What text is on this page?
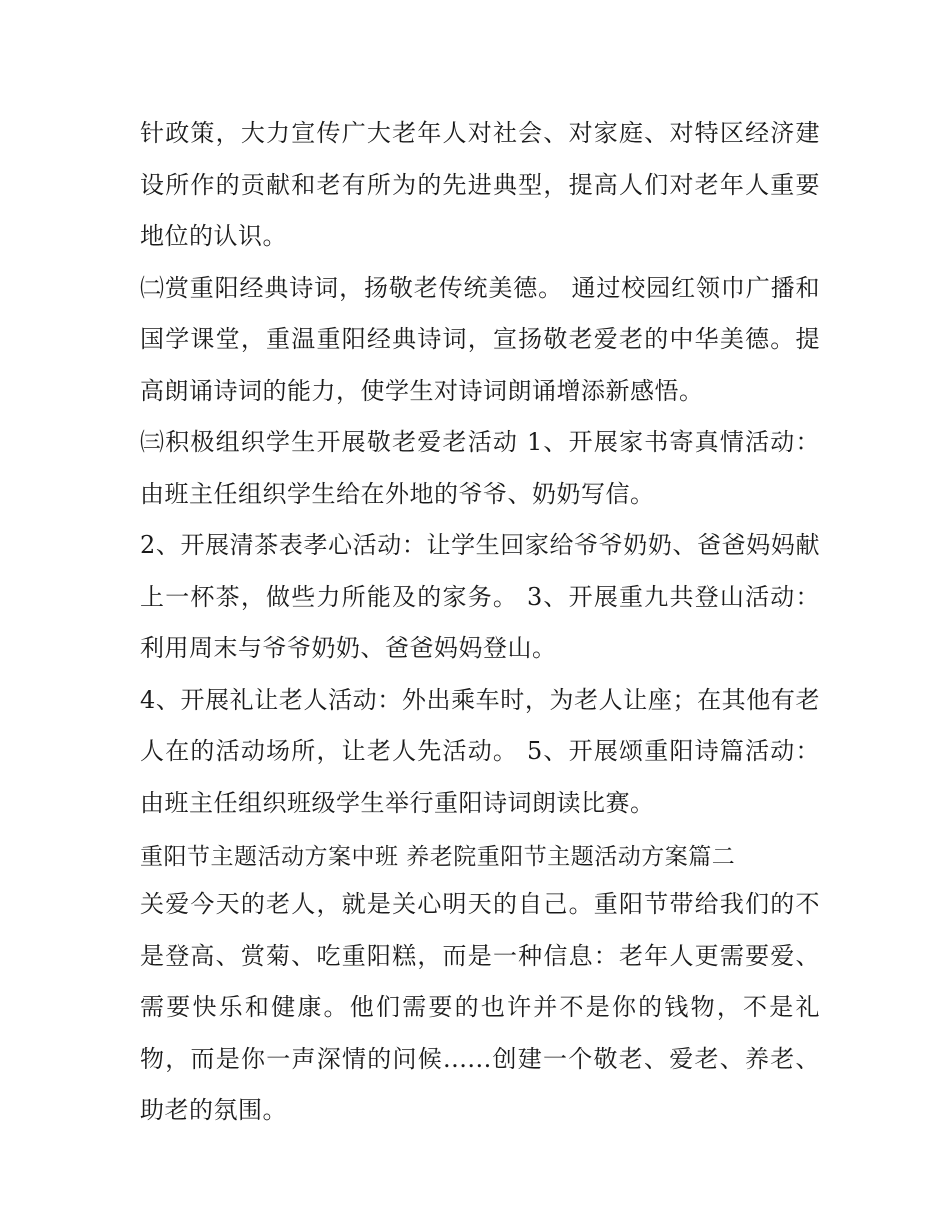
针政策，大力宣传广大老年人对社会、对家庭、对特区经济建设所作的贡献和老有所为的先进典型，提高人们对老年人重要地位的认识。

㈡赏重阳经典诗词，扬敬老传统美德。 通过校园红领巾广播和国学课堂，重温重阳经典诗词，宣扬敬老爱老的中华美德。提高朗诵诗词的能力，使学生对诗词朗诵增添新感悟。

㈢积极组织学生开展敬老爱老活动 1、开展家书寄真情活动：由班主任组织学生给在外地的爷爷、奶奶写信。

2、开展清茶表孝心活动：让学生回家给爷爷奶奶、爸爸妈妈献上一杯茶，做些力所能及的家务。 3、开展重九共登山活动：利用周末与爷爷奶奶、爸爸妈妈登山。

4、开展礼让老人活动：外出乘车时，为老人让座；在其他有老人在的活动场所，让老人先活动。 5、开展颂重阳诗篇活动：由班主任组织班级学生举行重阳诗词朗读比赛。

重阳节主题活动方案中班 养老院重阳节主题活动方案篇二

关爱今天的老人，就是关心明天的自己。重阳节带给我们的不是登高、赏菊、吃重阳糕，而是一种信息：老年人更需要爱、需要快乐和健康。他们需要的也许并不是你的钱物，不是礼物，而是你一声深情的问候......创建一个敬老、爱老、养老、助老的氛围。
